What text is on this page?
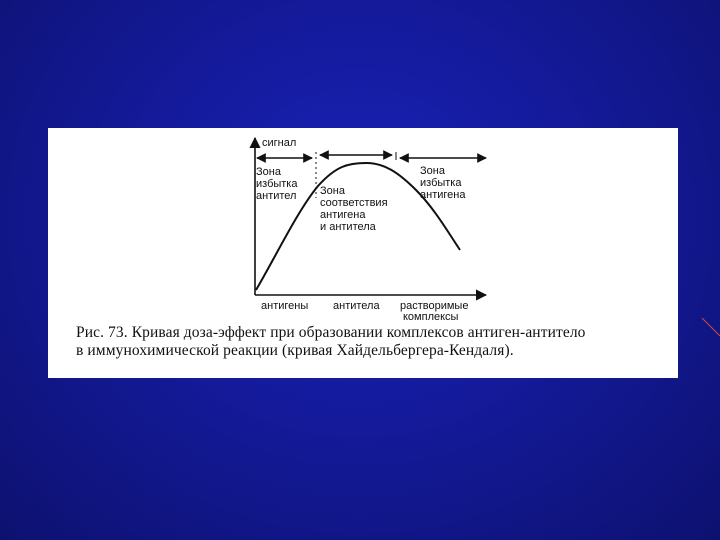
сигнал
Зона
избытка
антител Зона
соответствия
антигена
и антитела
Зона
избытка
антигена
антигены антитела растворимые
комплексы
Рис. 73. Кривая доза-эффект при образовании комплексов антиген-антитело
в иммунохимической реакции (кривая Хайдельбергера-Кендаля).
